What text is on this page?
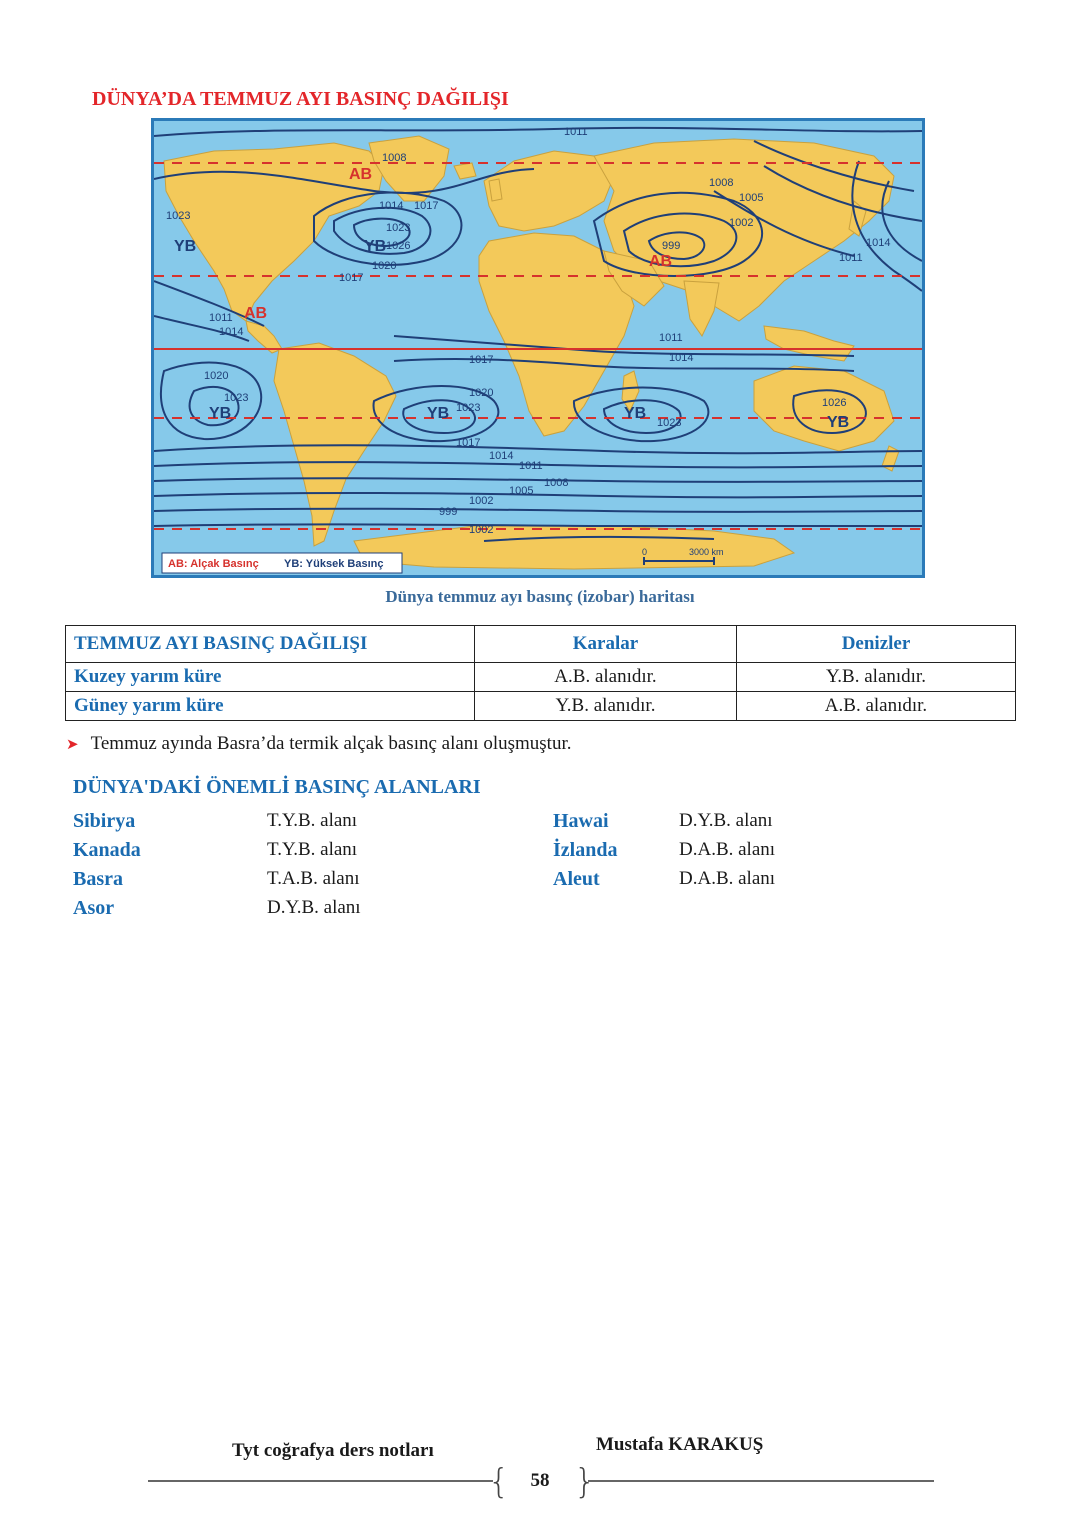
DÜNYA’DA TEMMUZ AYI BASINÇ DAĞILIŞI
1011
1014
1008
1017
1023
1026
1020
1017
1008
1005
1002
999
1011
1014
1011
1014
1017
1020
1023
1023
1020
1023	1026
1017
1014
1011
1008
1005
1002
999
1002
1014
1011
1023
AB
YB	YB
AB
AB
YB	YB	YB
YB
AB: Alçak Basınç YB: Yüksek Basınç
0	3000 km
Dünya temmuz ayı basınç (izobar) haritası
TEMMUZ AYI BASINÇ DAĞILIŞI	Karalar	Denizler
Kuzey yarım küre	A.B. alanıdır.	Y.B. alanıdır.
Güney yarım küre	Y.B. alanıdır.	A.B. alanıdır.
➤ Temmuz ayında Basra’da termik alçak basınç alanı oluşmuştur.
DÜNYA'DAKİ ÖNEMLİ BASINÇ ALANLARI
Sibirya	T.Y.B. alanı
Kanada	T.Y.B. alanı
Basra	T.A.B. alanı
Asor	D.Y.B. alanı
Hawai	D.Y.B. alanı
İzlanda	D.A.B. alanı
Aleut	D.A.B. alanı
Tyt coğrafya ders notları	Mustafa KARAKUŞ
{ }
58
